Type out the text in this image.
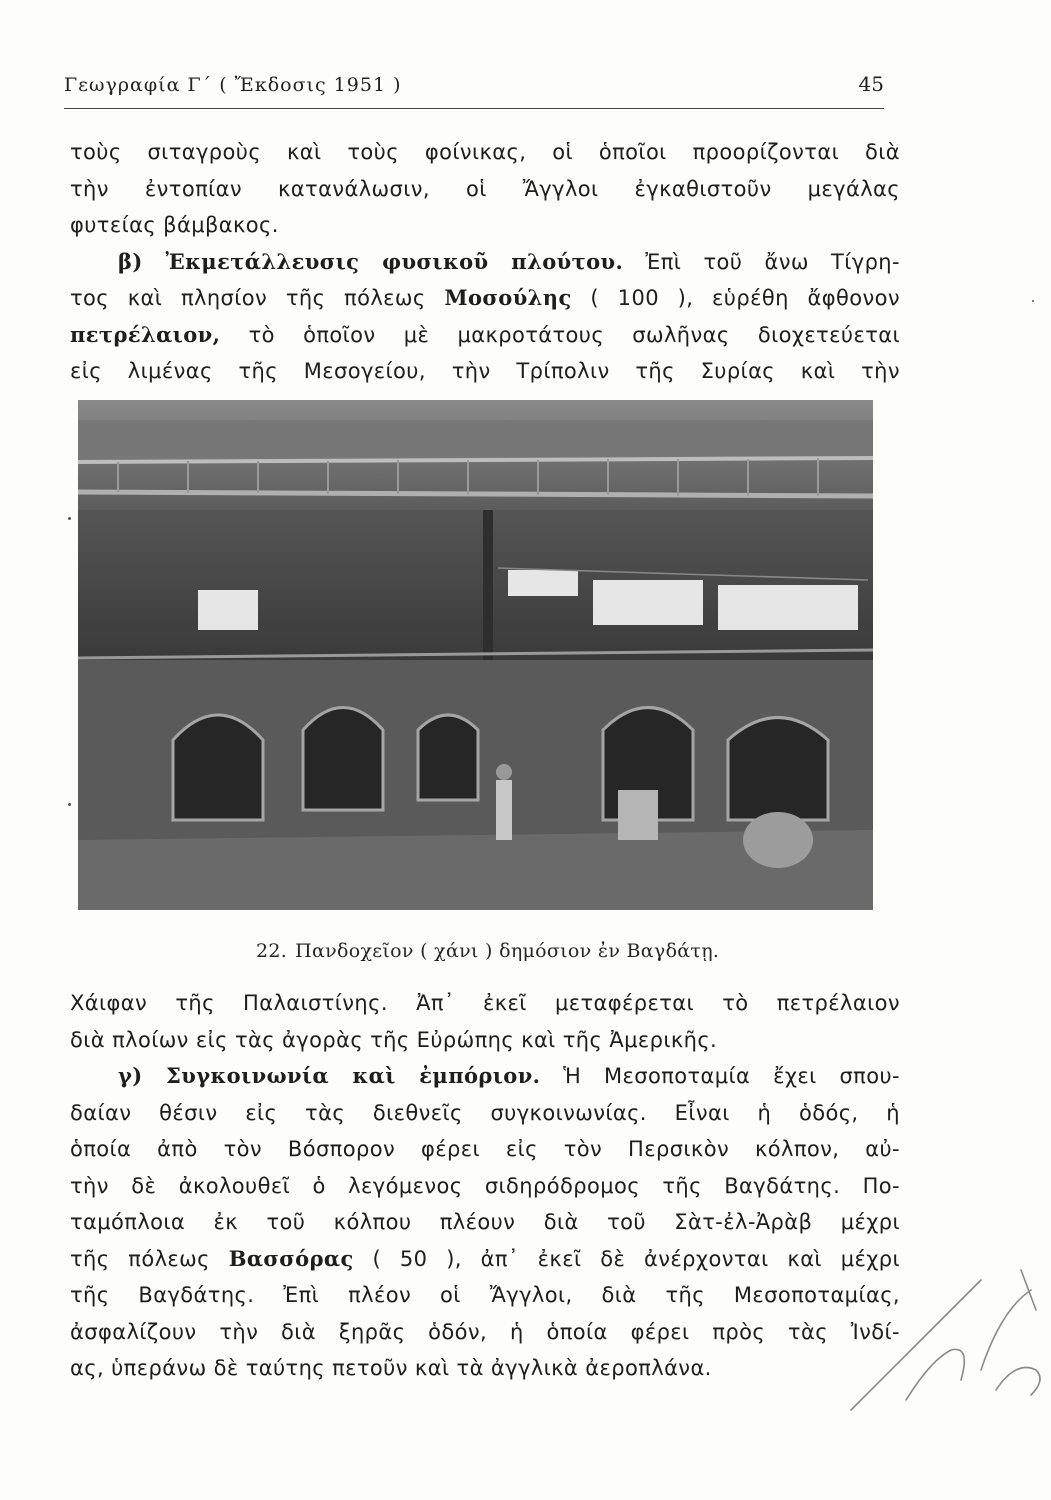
Γεωγραφία Γ΄ ( Ἔκδοσις 1951 )	45
τοὺς σιταγροὺς καὶ τοὺς φοίνικας, οἱ ὁποῖοι προορίζονται διὰ
τὴν ἐντοπίαν κατανάλωσιν, οἱ Ἄγγλοι ἐγκαθιστοῦν μεγάλας
φυτείας βάμβακος.
β) Ἐκμετάλλευσις φυσικοῦ πλούτου. Ἐπὶ τοῦ ἄνω Τίγρη-
τος καὶ πλησίον τῆς πόλεως Μοσούλης ( 100 ), εὑρέθη ἄφθονον
πετρέλαιον, τὸ ὁποῖον μὲ μακροτάτους σωλῆνας διοχετεύεται
εἰς λιμένας τῆς Μεσογείου, τὴν Τρίπολιν τῆς Συρίας καὶ τὴν
22. Πανδοχεῖον ( χάνι ) δημόσιον ἐν Βαγδάτῃ.
Χάιφαν τῆς Παλαιστίνης. Ἀπ᾽ ἐκεῖ μεταφέρεται τὸ πετρέλαιον
διὰ πλοίων εἰς τὰς ἀγορὰς τῆς Εὐρώπης καὶ τῆς Ἀμερικῆς.
γ) Συγκοινωνία καὶ ἐμπόριον. Ἡ Μεσοποταμία ἔχει σπου-
δαίαν θέσιν εἰς τὰς διεθνεῖς συγκοινωνίας. Εἶναι ἡ ὁδός, ἡ
ὁποία ἀπὸ τὸν Βόσπορον φέρει εἰς τὸν Περσικὸν κόλπον, αὐ-
τὴν δὲ ἀκολουθεῖ ὁ λεγόμενος σιδηρόδρομος τῆς Βαγδάτης. Πο-
ταμόπλοια ἐκ τοῦ κόλπου πλέουν διὰ τοῦ Σὰτ-ἐλ-Ἀρὰβ μέχρι
τῆς πόλεως Βασσόρας ( 50 ), ἀπ᾽ ἐκεῖ δὲ ἀνέρχονται καὶ μέχρι
τῆς Βαγδάτης. Ἐπὶ πλέον οἱ Ἄγγλοι, διὰ τῆς Μεσοποταμίας,
ἀσφαλίζουν τὴν διὰ ξηρᾶς ὁδόν, ἡ ὁποία φέρει πρὸς τὰς Ἰνδί-
ας, ὑπεράνω δὲ ταύτης πετοῦν καὶ τὰ ἀγγλικὰ ἀεροπλάνα.
